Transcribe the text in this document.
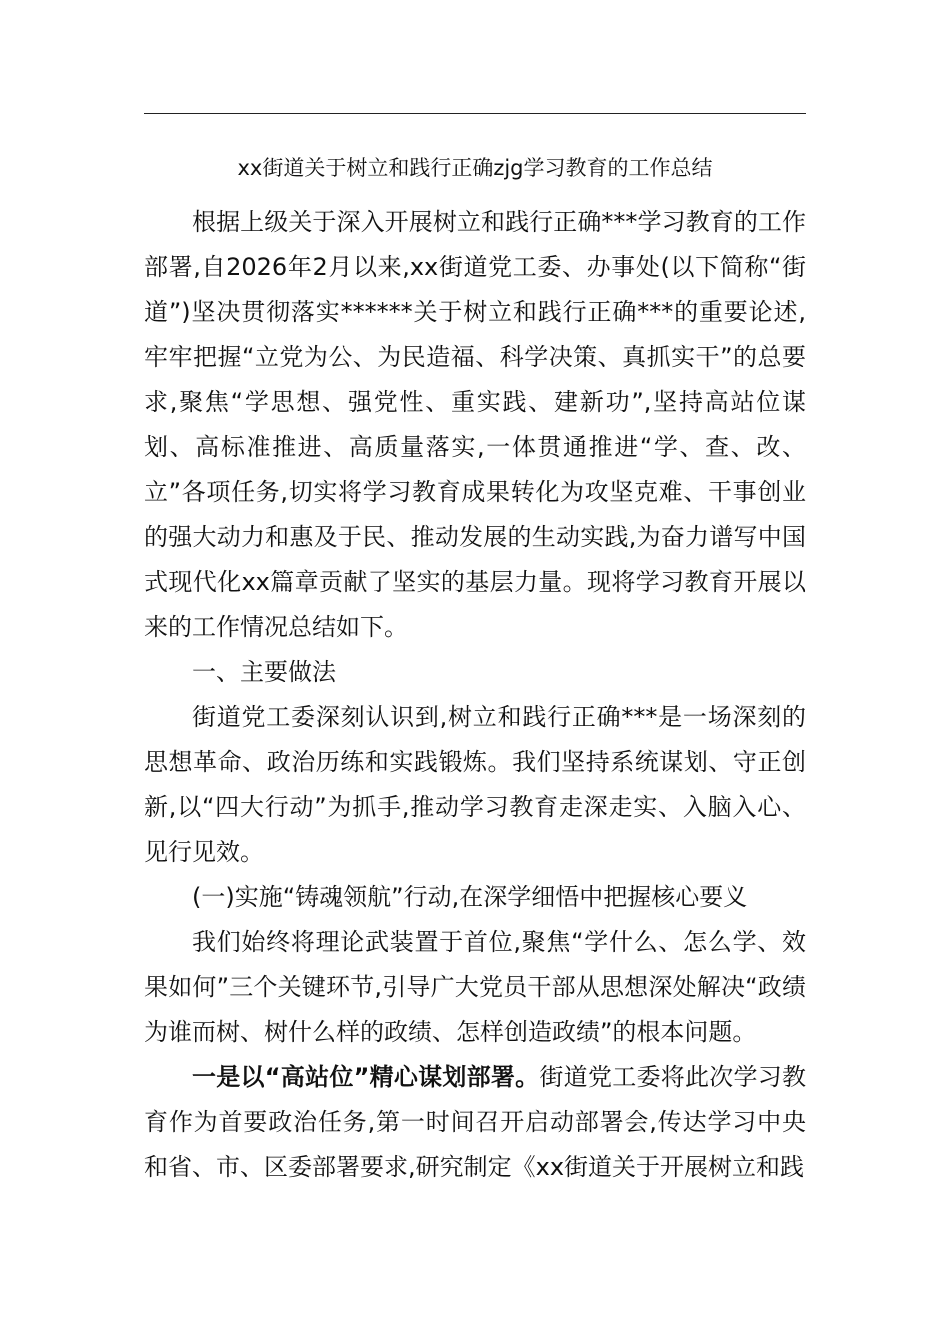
xx街道关于树立和践行正确zjg学习教育的工作总结

根据上级关于深入开展树立和践行正确***学习教育的工作部署,自2026年2月以来,xx街道党工委、办事处(以下简称“街道”)坚决贯彻落实******关于树立和践行正确***的重要论述,牢牢把握“立党为公、为民造福、科学决策、真抓实干”的总要求,聚焦“学思想、强党性、重实践、建新功”,坚持高站位谋划、高标准推进、高质量落实,一体贯通推进“学、查、改、立”各项任务,切实将学习教育成果转化为攻坚克难、干事创业的强大动力和惠及于民、推动发展的生动实践,为奋力谱写中国式现代化xx篇章贡献了坚实的基层力量。现将学习教育开展以来的工作情况总结如下。

一、主要做法

街道党工委深刻认识到,树立和践行正确***是一场深刻的思想革命、政治历练和实践锻炼。我们坚持系统谋划、守正创新,以“四大行动”为抓手,推动学习教育走深走实、入脑入心、见行见效。

(一)实施“铸魂领航”行动,在深学细悟中把握核心要义

我们始终将理论武装置于首位,聚焦“学什么、怎么学、效果如何”三个关键环节,引导广大党员干部从思想深处解决“政绩为谁而树、树什么样的政绩、怎样创造政绩”的根本问题。

一是以“高站位”精心谋划部署。街道党工委将此次学习教育作为首要政治任务,第一时间召开启动部署会,传达学习中央和省、市、区委部署要求,研究制定《xx街道关于开展树立和践
